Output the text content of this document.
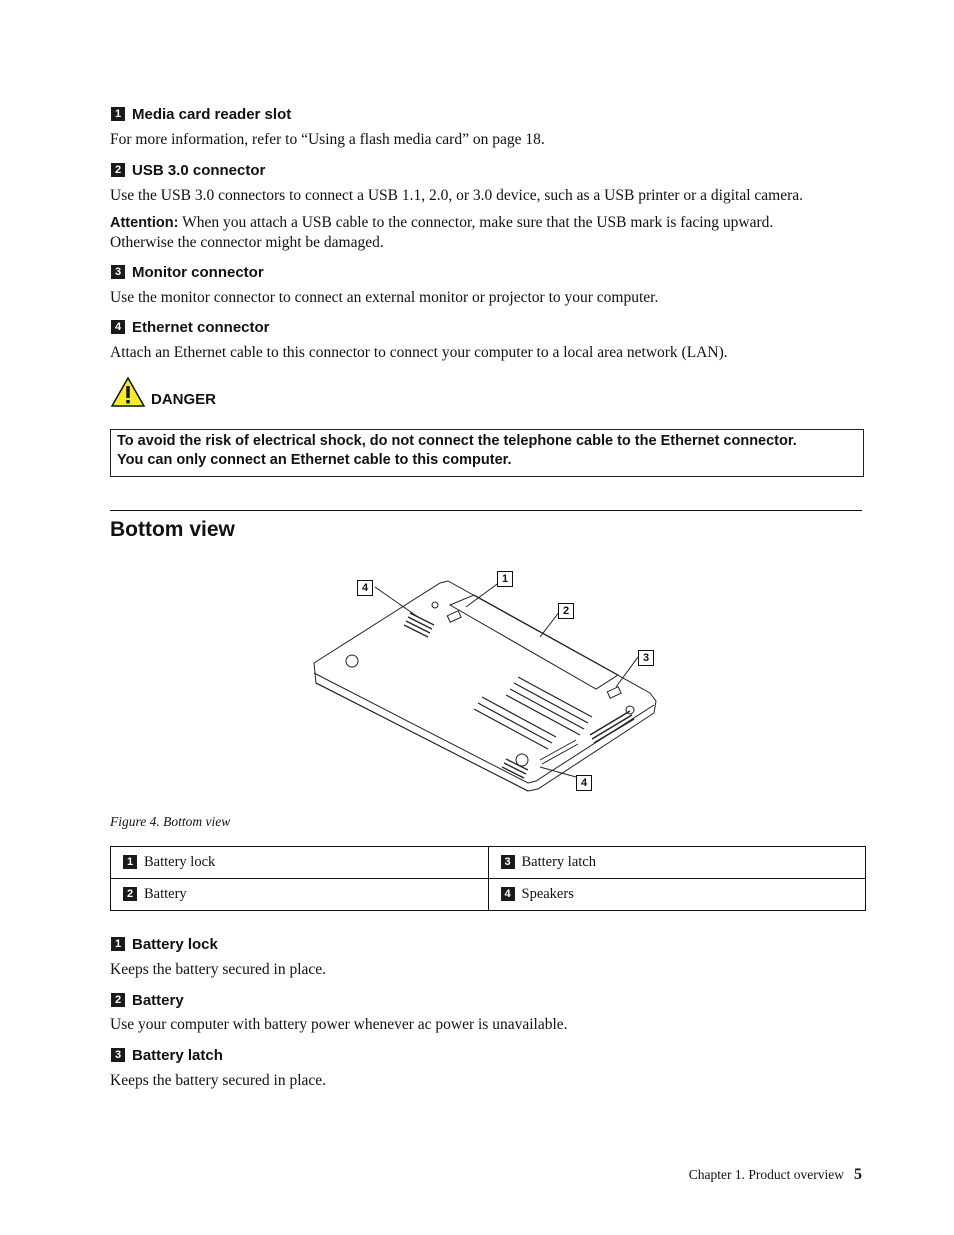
1 Media card reader slot
For more information, refer to “Using a flash media card” on page 18.
2 USB 3.0 connector
Use the USB 3.0 connectors to connect a USB 1.1, 2.0, or 3.0 device, such as a USB printer or a digital camera.
Attention: When you attach a USB cable to the connector, make sure that the USB mark is facing upward.
Otherwise the connector might be damaged.
3 Monitor connector
Use the monitor connector to connect an external monitor or projector to your computer.
4 Ethernet connector
Attach an Ethernet cable to this connector to connect your computer to a local area network (LAN).
DANGER
To avoid the risk of electrical shock, do not connect the telephone cable to the Ethernet connector.
You can only connect an Ethernet cable to this computer.
Bottom view
4
1
2
3
4
Figure 4. Bottom view
1 Battery lock	3 Battery latch
2 Battery	4 Speakers
1 Battery lock
Keeps the battery secured in place.
2 Battery
Use your computer with battery power whenever ac power is unavailable.
3 Battery latch
Keeps the battery secured in place.
Chapter 1. Product overview 5
